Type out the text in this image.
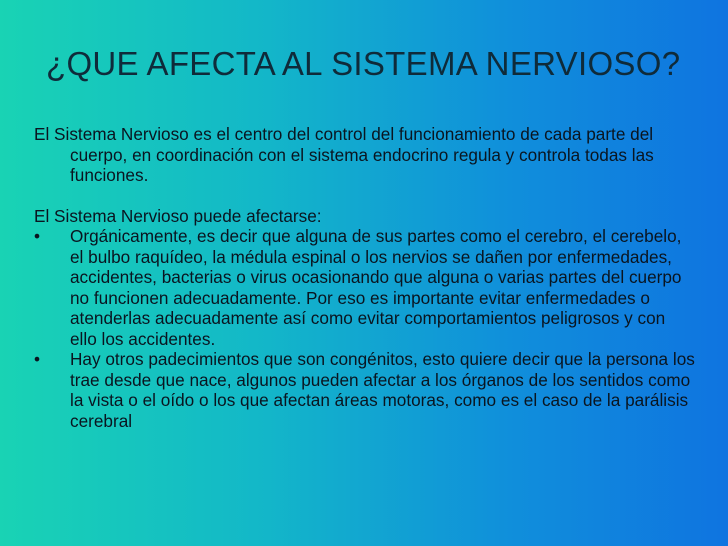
¿QUE AFECTA AL SISTEMA NERVIOSO?

El Sistema Nervioso es el centro del control del funcionamiento de cada parte del cuerpo, en coordinación con el sistema endocrino regula y controla todas las funciones.

El Sistema Nervioso puede afectarse:

•	Orgánicamente, es decir que alguna de sus partes como el cerebro, el cerebelo, el bulbo raquídeo, la médula espinal o los nervios se dañen por enfermedades, accidentes, bacterias o virus ocasionando que alguna o varias partes del cuerpo no funcionen adecuadamente. Por eso es importante evitar enfermedades o atenderlas adecuadamente así como evitar comportamientos peligrosos y con ello los accidentes.
•	Hay otros padecimientos que son congénitos, esto quiere decir que la persona los trae desde que nace, algunos pueden afectar a los órganos de los sentidos como la vista o el oído o los que afectan áreas motoras, como es el caso de la parálisis cerebral
